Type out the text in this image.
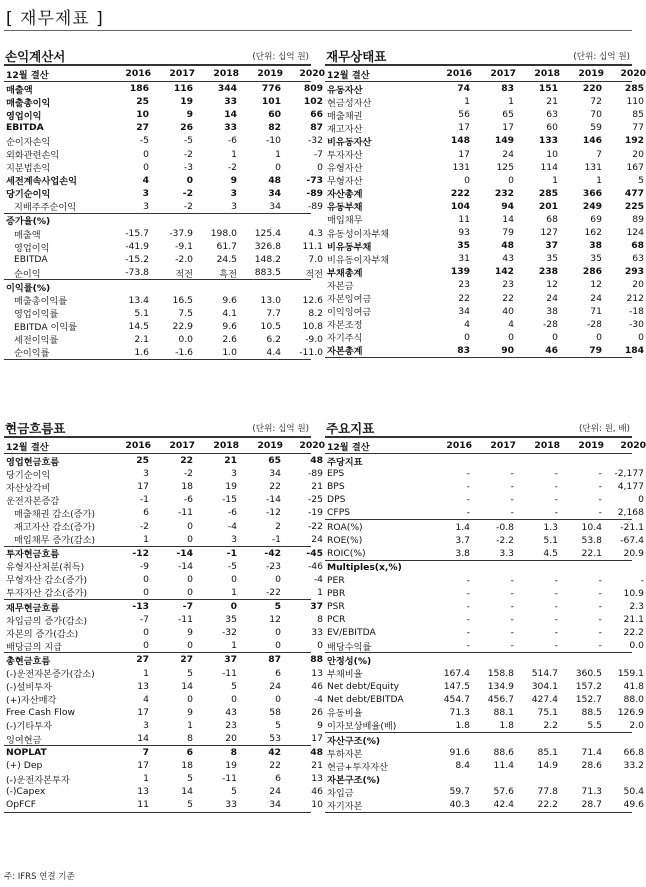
[ 재무제표 ]
손익계산서	(단위: 십억 원)
12월 결산	2016	2017	2018	2019	2020
매출액	186	116	344	776	809
매출총이익	25	19	33	101	102
영업이익	10	9	14	60	66
EBITDA	27	26	33	82	87
순이자손익	-5	-5	-6	-10	-32
외화관련손익	0	-2	1	1	-7
지분법손익	0	-3	-2	0	0
세전계속사업손익	4	0	9	48	-73
당기순이익	3	-2	3	34	-89
지배주주순이익	3	-2	3	34	-89
증가율(%)
매출액	-15.7	-37.9	198.0	125.4	4.3
영업이익	-41.9	-9.1	61.7	326.8	11.1
EBITDA	-15.2	-2.0	24.5	148.2	7.0
순이익	-73.8	적전	흑전	883.5	적전
이익률(%)
매출총이익률	13.4	16.5	9.6	13.0	12.6
영업이익률	5.1	7.5	4.1	7.7	8.2
EBITDA 이익률	14.5	22.9	9.6	10.5	10.8
세전이익률	2.1	0.0	2.6	6.2	-9.0
순이익률	1.6	-1.6	1.0	4.4	-11.0
재무상태표	(단위: 십억 원)
12월 결산	2016	2017	2018	2019	2020
유동자산	74	83	151	220	285
현금성자산	1	1	21	72	110
매출채권	56	65	63	70	85
재고자산	17	17	60	59	77
비유동자산	148	149	133	146	192
투자자산	17	24	10	7	20
유형자산	131	125	114	131	167
무형자산	0	0	1	1	5
자산총계	222	232	285	366	477
유동부채	104	94	201	249	225
매입채무	11	14	68	69	89
유동성이자부채	93	79	127	162	124
비유동부채	35	48	37	38	68
비유동이자부채	31	43	35	35	63
부채총계	139	142	238	286	293
자본금	23	23	12	12	20
자본잉여금	22	22	24	24	212
이익잉여금	34	40	38	71	-18
자본조정	4	4	-28	-28	-30
자기주식	0	0	0	0	0
자본총계	83	90	46	79	184
현금흐름표	(단위: 십억 원)
12월 결산	2016	2017	2018	2019	2020
영업현금흐름	25	22	21	65	48
당기순이익	3	-2	3	34	-89
자산상각비	17	18	19	22	21
운전자본증감	-1	-6	-15	-14	-25
매출채권 감소(증가)	6	-11	-6	-12	-19
재고자산 감소(증가)	-2	0	-4	2	-22
매입채무 증가(감소)	1	0	3	-1	24
투자현금흐름	-12	-14	-1	-42	-45
유형자산처분(취득)	-9	-14	-5	-23	-46
무형자산 감소(증가)	0	0	0	0	-4
투자자산 감소(증가)	0	0	1	-22	1
재무현금흐름	-13	-7	0	5	37
차입금의 증가(감소)	-7	-11	35	12	8
자본의 증가(감소)	0	9	-32	0	33
배당금의 지급	0	0	1	0	0
총현금흐름	27	27	37	87	88
(-)운전자본증가(감소)	1	5	-11	6	13
(-)설비투자	13	14	5	24	46
(+)자산매각	4	0	0	0	-4
Free Cash Flow	17	9	43	58	26
(-)기타투자	3	1	23	5	9
잉여현금	14	8	20	53	17
NOPLAT	7	6	8	42	48
(+) Dep	17	18	19	22	21
(-)운전자본투자	1	5	-11	6	13
(-)Capex	13	14	5	24	46
OpFCF	11	5	33	34	10
주요지표	(단위: 원, 배)
12월 결산	2016	2017	2018	2019	2020
주당지표
EPS	-	-	-	-	-2,177
BPS	-	-	-	-	4,177
DPS	-	-	-	-	0
CFPS	-	-	-	-	2,168
ROA(%)	1.4	-0.8	1.3	10.4	-21.1
ROE(%)	3.7	-2.2	5.1	53.8	-67.4
ROIC(%)	3.8	3.3	4.5	22.1	20.9
Multiples(x,%)
PER	-	-	-	-	-
PBR	-	-	-	-	10.9
PSR	-	-	-	-	2.3
PCR	-	-	-	-	21.1
EV/EBITDA	-	-	-	-	22.2
배당수익률	-	-	-	-	0.0
안정성(%)
부채비율	167.4	158.8	514.7	360.5	159.1
Net debt/Equity	147.5	134.9	304.1	157.2	41.8
Net debt/EBITDA	454.7	456.7	427.4	152.7	88.0
유동비율	71.3	88.1	75.1	88.5	126.9
이자보상배율(배)	1.8	1.8	2.2	5.5	2.0
자산구조(%)
투하자본	91.6	88.6	85.1	71.4	66.8
현금+투자자산	8.4	11.4	14.9	28.6	33.2
자본구조(%)
차입금	59.7	57.6	77.8	71.3	50.4
자기자본	40.3	42.4	22.2	28.7	49.6
주: IFRS 연결 기준
